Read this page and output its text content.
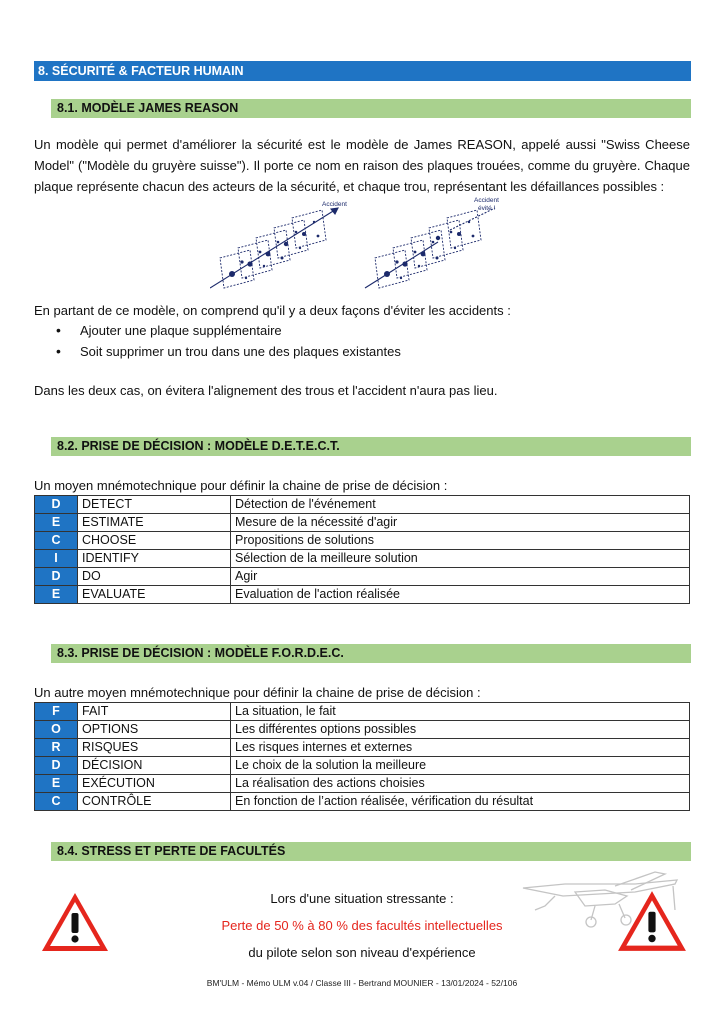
8. SÉCURITÉ & FACTEUR HUMAIN
8.1. MODÈLE JAMES REASON
Un modèle qui permet d'améliorer la sécurité est le modèle de James REASON, appelé aussi "Swiss Cheese Model" ("Modèle du gruyère suisse"). Il porte ce nom en raison des plaques trouées, comme du gruyère. Chaque plaque représente chacun des acteurs de la sécurité, et chaque trou, représentant les défaillances possibles :
Accident
Accident
évité !
En partant de ce modèle, on comprend qu'il y a deux façons d'éviter les accidents :
• Ajouter une plaque supplémentaire
• Soit supprimer un trou dans une des plaques existantes
Dans les deux cas, on évitera l'alignement des trous et l'accident n'aura pas lieu.
8.2. PRISE DE DÉCISION : MODÈLE D.E.T.E.C.T.
Un moyen mnémotechnique pour définir la chaine de prise de décision :
D	DETECT	Détection de l'événement
E	ESTIMATE	Mesure de la nécessité d'agir
C	CHOOSE	Propositions de solutions
I	IDENTIFY	Sélection de la meilleure solution
D	DO	Agir
E	EVALUATE	Evaluation de l'action réalisée
8.3. PRISE DE DÉCISION : MODÈLE F.O.R.D.E.C.
Un autre moyen mnémotechnique pour définir la chaine de prise de décision :
F	FAIT	La situation, le fait
O	OPTIONS	Les différentes options possibles
R	RISQUES	Les risques internes et externes
D	DÉCISION	Le choix de la solution la meilleure
E	EXÉCUTION	La réalisation des actions choisies
C	CONTRÔLE	En fonction de l’action réalisée, vérification du résultat
8.4. STRESS ET PERTE DE FACULTÉS
Lors d'une situation stressante :
Perte de 50 % à 80 % des facultés intellectuelles
du pilote selon son niveau d'expérience
BM'ULM - Mémo ULM v.04 / Classe III - Bertrand MOUNIER - 13/01/2024 - 52/106
